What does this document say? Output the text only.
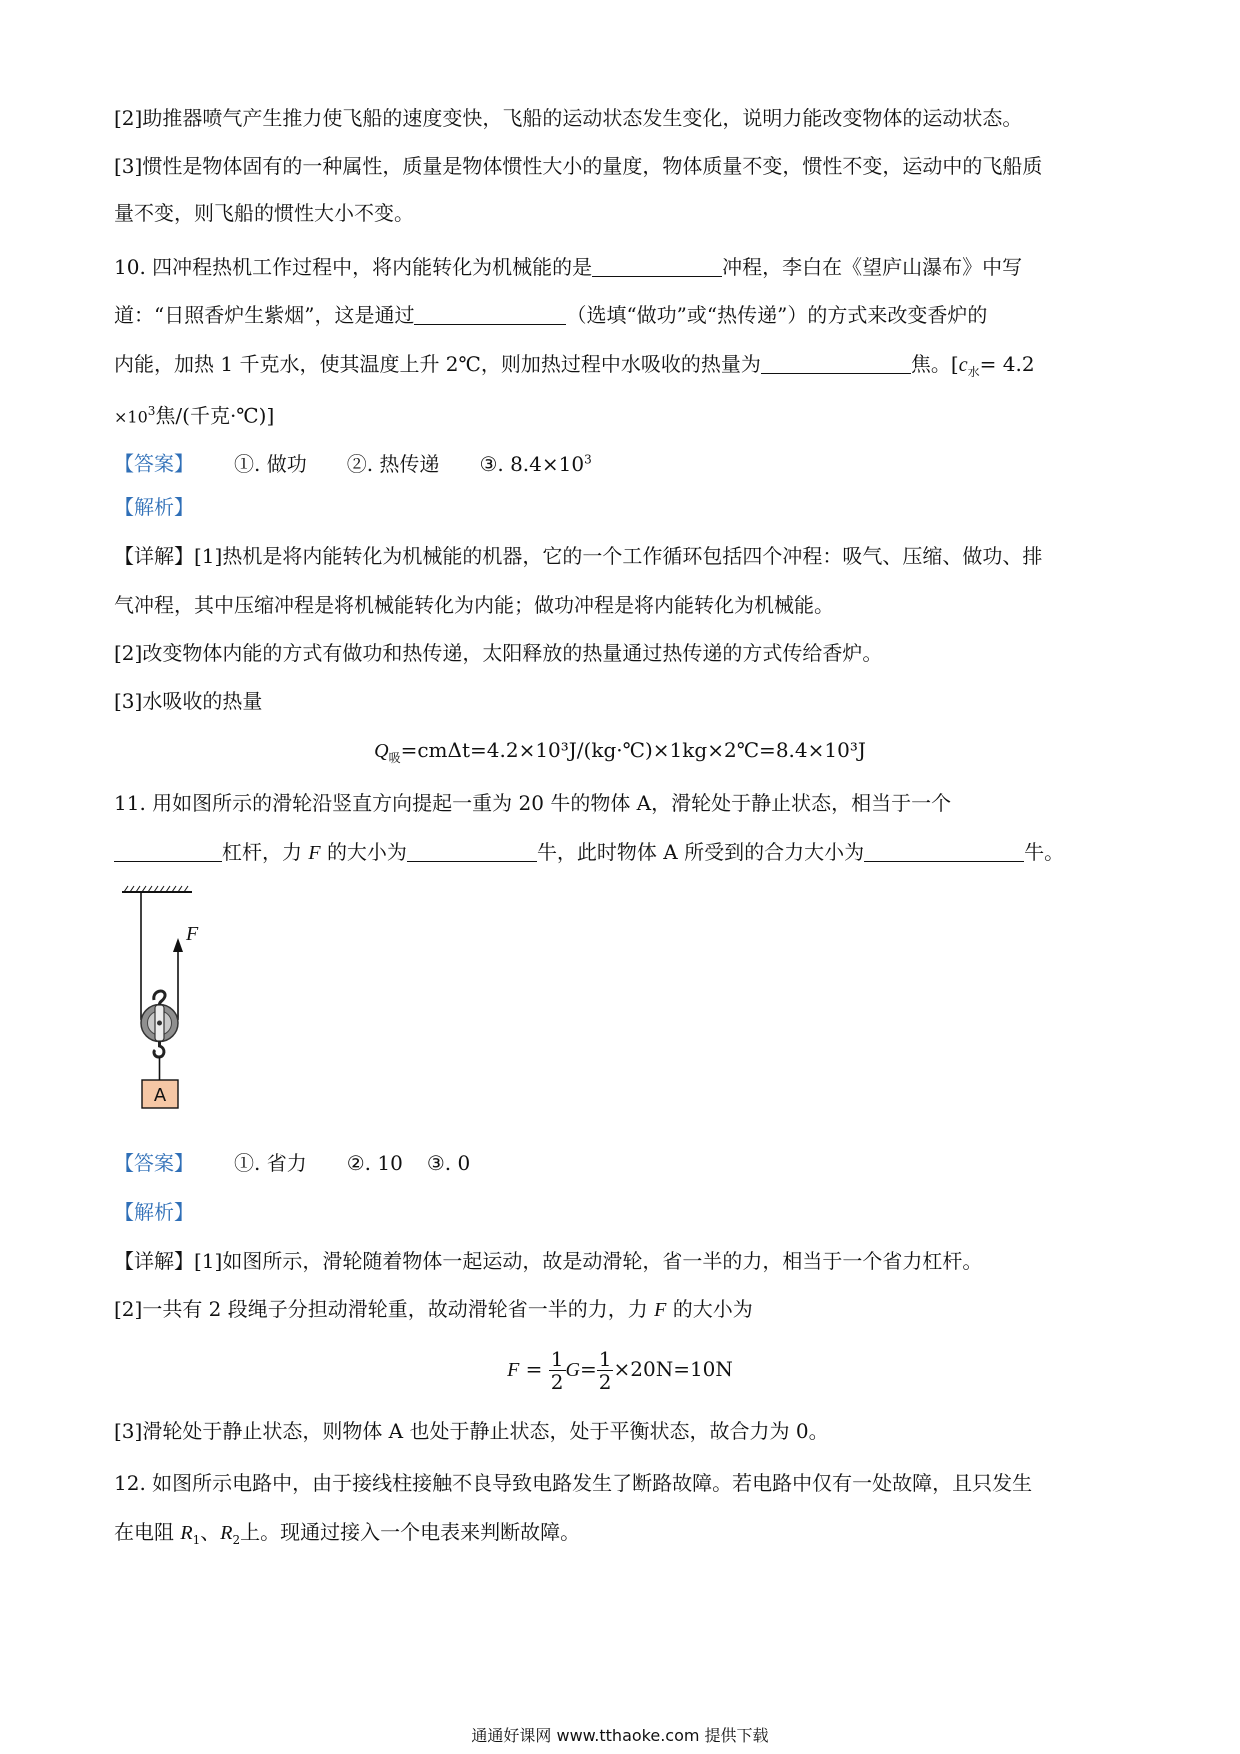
[2]助推器喷气产生推力使飞船的速度变快，飞船的运动状态发生变化，说明力能改变物体的运动状态。
[3]惯性是物体固有的一种属性，质量是物体惯性大小的量度，物体质量不变，惯性不变，运动中的飞船质
量不变，则飞船的惯性大小不变。
10. 四冲程热机工作过程中，将内能转化为机械能的是	冲程，李白在《望庐山瀑布》中写
道：“日照香炉生紫烟”，这是通过	（选填“做功”或“热传递”）的方式来改变香炉的
内能，加热 1 千克水，使其温度上升 2℃，则加热过程中水吸收的热量为	焦。[$c_水= 4.2$
$\times 10^3$焦/(千克·℃)]
【答案】 ①. 做功 ②. 热传递 ③. $8.4\times 10^3$
【解析】
【详解】[1]热机是将内能转化为机械能的机器，它的一个工作循环包括四个冲程：吸气、压缩、做功、排
气冲程，其中压缩冲程是将机械能转化为内能；做功冲程是将内能转化为机械能。
[2]改变物体内能的方式有做功和热传递，太阳释放的热量通过热传递的方式传给香炉。
[3]水吸收的热量
$Q_吸=cm\Delta t=4.2\times 10^3J/(kg\cdot℃)\times 1kg\times 2℃=8.4\times 10^3J$
11. 用如图所示的滑轮沿竖直方向提起一重为 20 牛的物体 A，滑轮处于静止状态，相当于一个
杠杆，力 F 的大小为	牛，此时物体 A 所受到的合力大小为	牛。
F
A
【答案】 ①. 省力 ②. 10 ③. 0
【解析】
【详解】[1]如图所示，滑轮随着物体一起运动，故是动滑轮，省一半的力，相当于一个省力杠杆。
[2]一共有 2 段绳子分担动滑轮重，故动滑轮省一半的力，力 F 的大小为
$F = \frac{1}{2} G= \frac{1}{2} \times 20N=10N$
[3]滑轮处于静止状态，则物体 A 也处于静止状态，处于平衡状态，故合力为 0。
12. 如图所示电路中，由于接线柱接触不良导致电路发生了断路故障。若电路中仅有一处故障，且只发生
在电阻 $R_1$、$R_2$上。现通过接入一个电表来判断故障。
通通好课网 www.tthaoke.com 提供下载
